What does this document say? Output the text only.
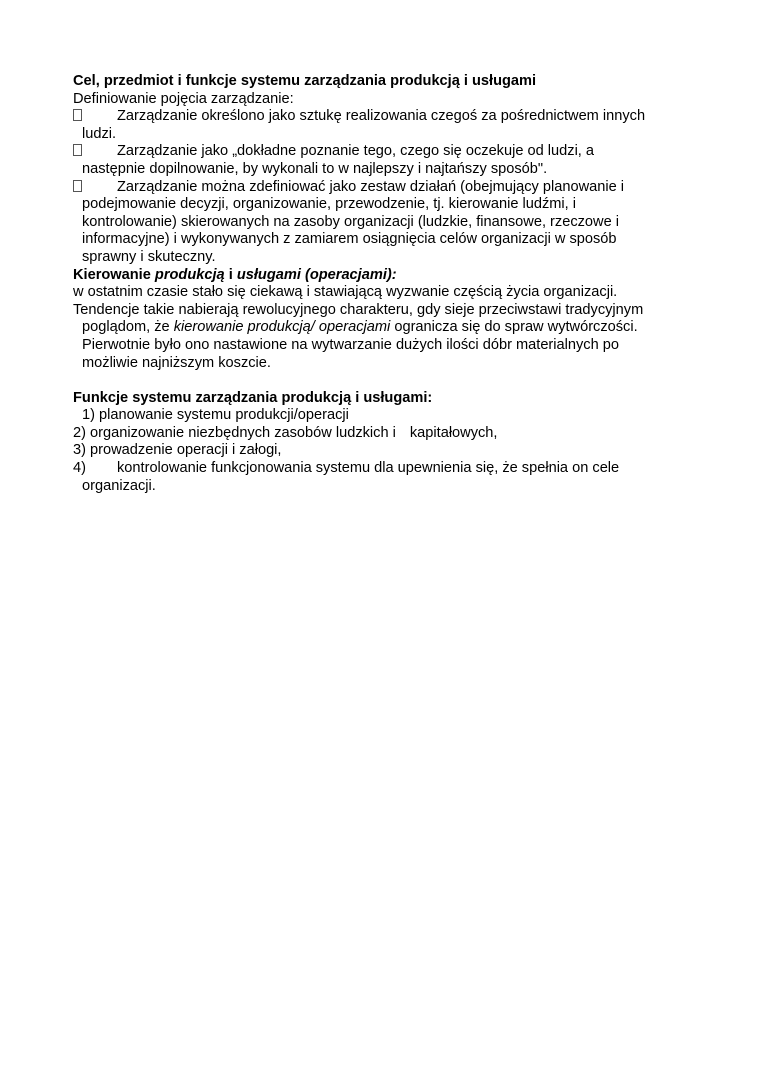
Cel, przedmiot i funkcje systemu zarządzania produkcją i usługami
Definiowanie pojęcia zarządzanie:
Zarządzanie określono jako sztukę realizowania czegoś za pośrednictwem innych
ludzi.
Zarządzanie jako „dokładne poznanie tego, czego się oczekuje od ludzi, a
następnie dopilnowanie, by wykonali to w najlepszy i najtańszy sposób".
Zarządzanie można zdefiniować jako zestaw działań (obejmujący planowanie i
podejmowanie decyzji, organizowanie, przewodzenie, tj. kierowanie ludźmi, i
kontrolowanie) skierowanych na zasoby organizacji (ludzkie, finansowe, rzeczowe i
informacyjne) i wykonywanych z zamiarem osiągnięcia celów organizacji w sposób
sprawny i skuteczny.
Kierowanie produkcją i usługami (operacjami):
w ostatnim czasie stało się ciekawą i stawiającą wyzwanie częścią życia organizacji.
Tendencje takie nabierają rewolucyjnego charakteru, gdy sieje przeciwstawi tradycyjnym
poglądom, że kierowanie produkcją/ operacjami ogranicza się do spraw wytwórczości.
Pierwotnie było ono nastawione na wytwarzanie dużych ilości dóbr materialnych po
możliwie najniższym koszcie.
Funkcje systemu zarządzania produkcją i usługami:
1) planowanie systemu produkcji/operacji
2) organizowanie niezbędnych zasobów ludzkich i kapitałowych,
3) prowadzenie operacji i załogi,
4) kontrolowanie funkcjonowania systemu dla upewnienia się, że spełnia on cele
organizacji.
